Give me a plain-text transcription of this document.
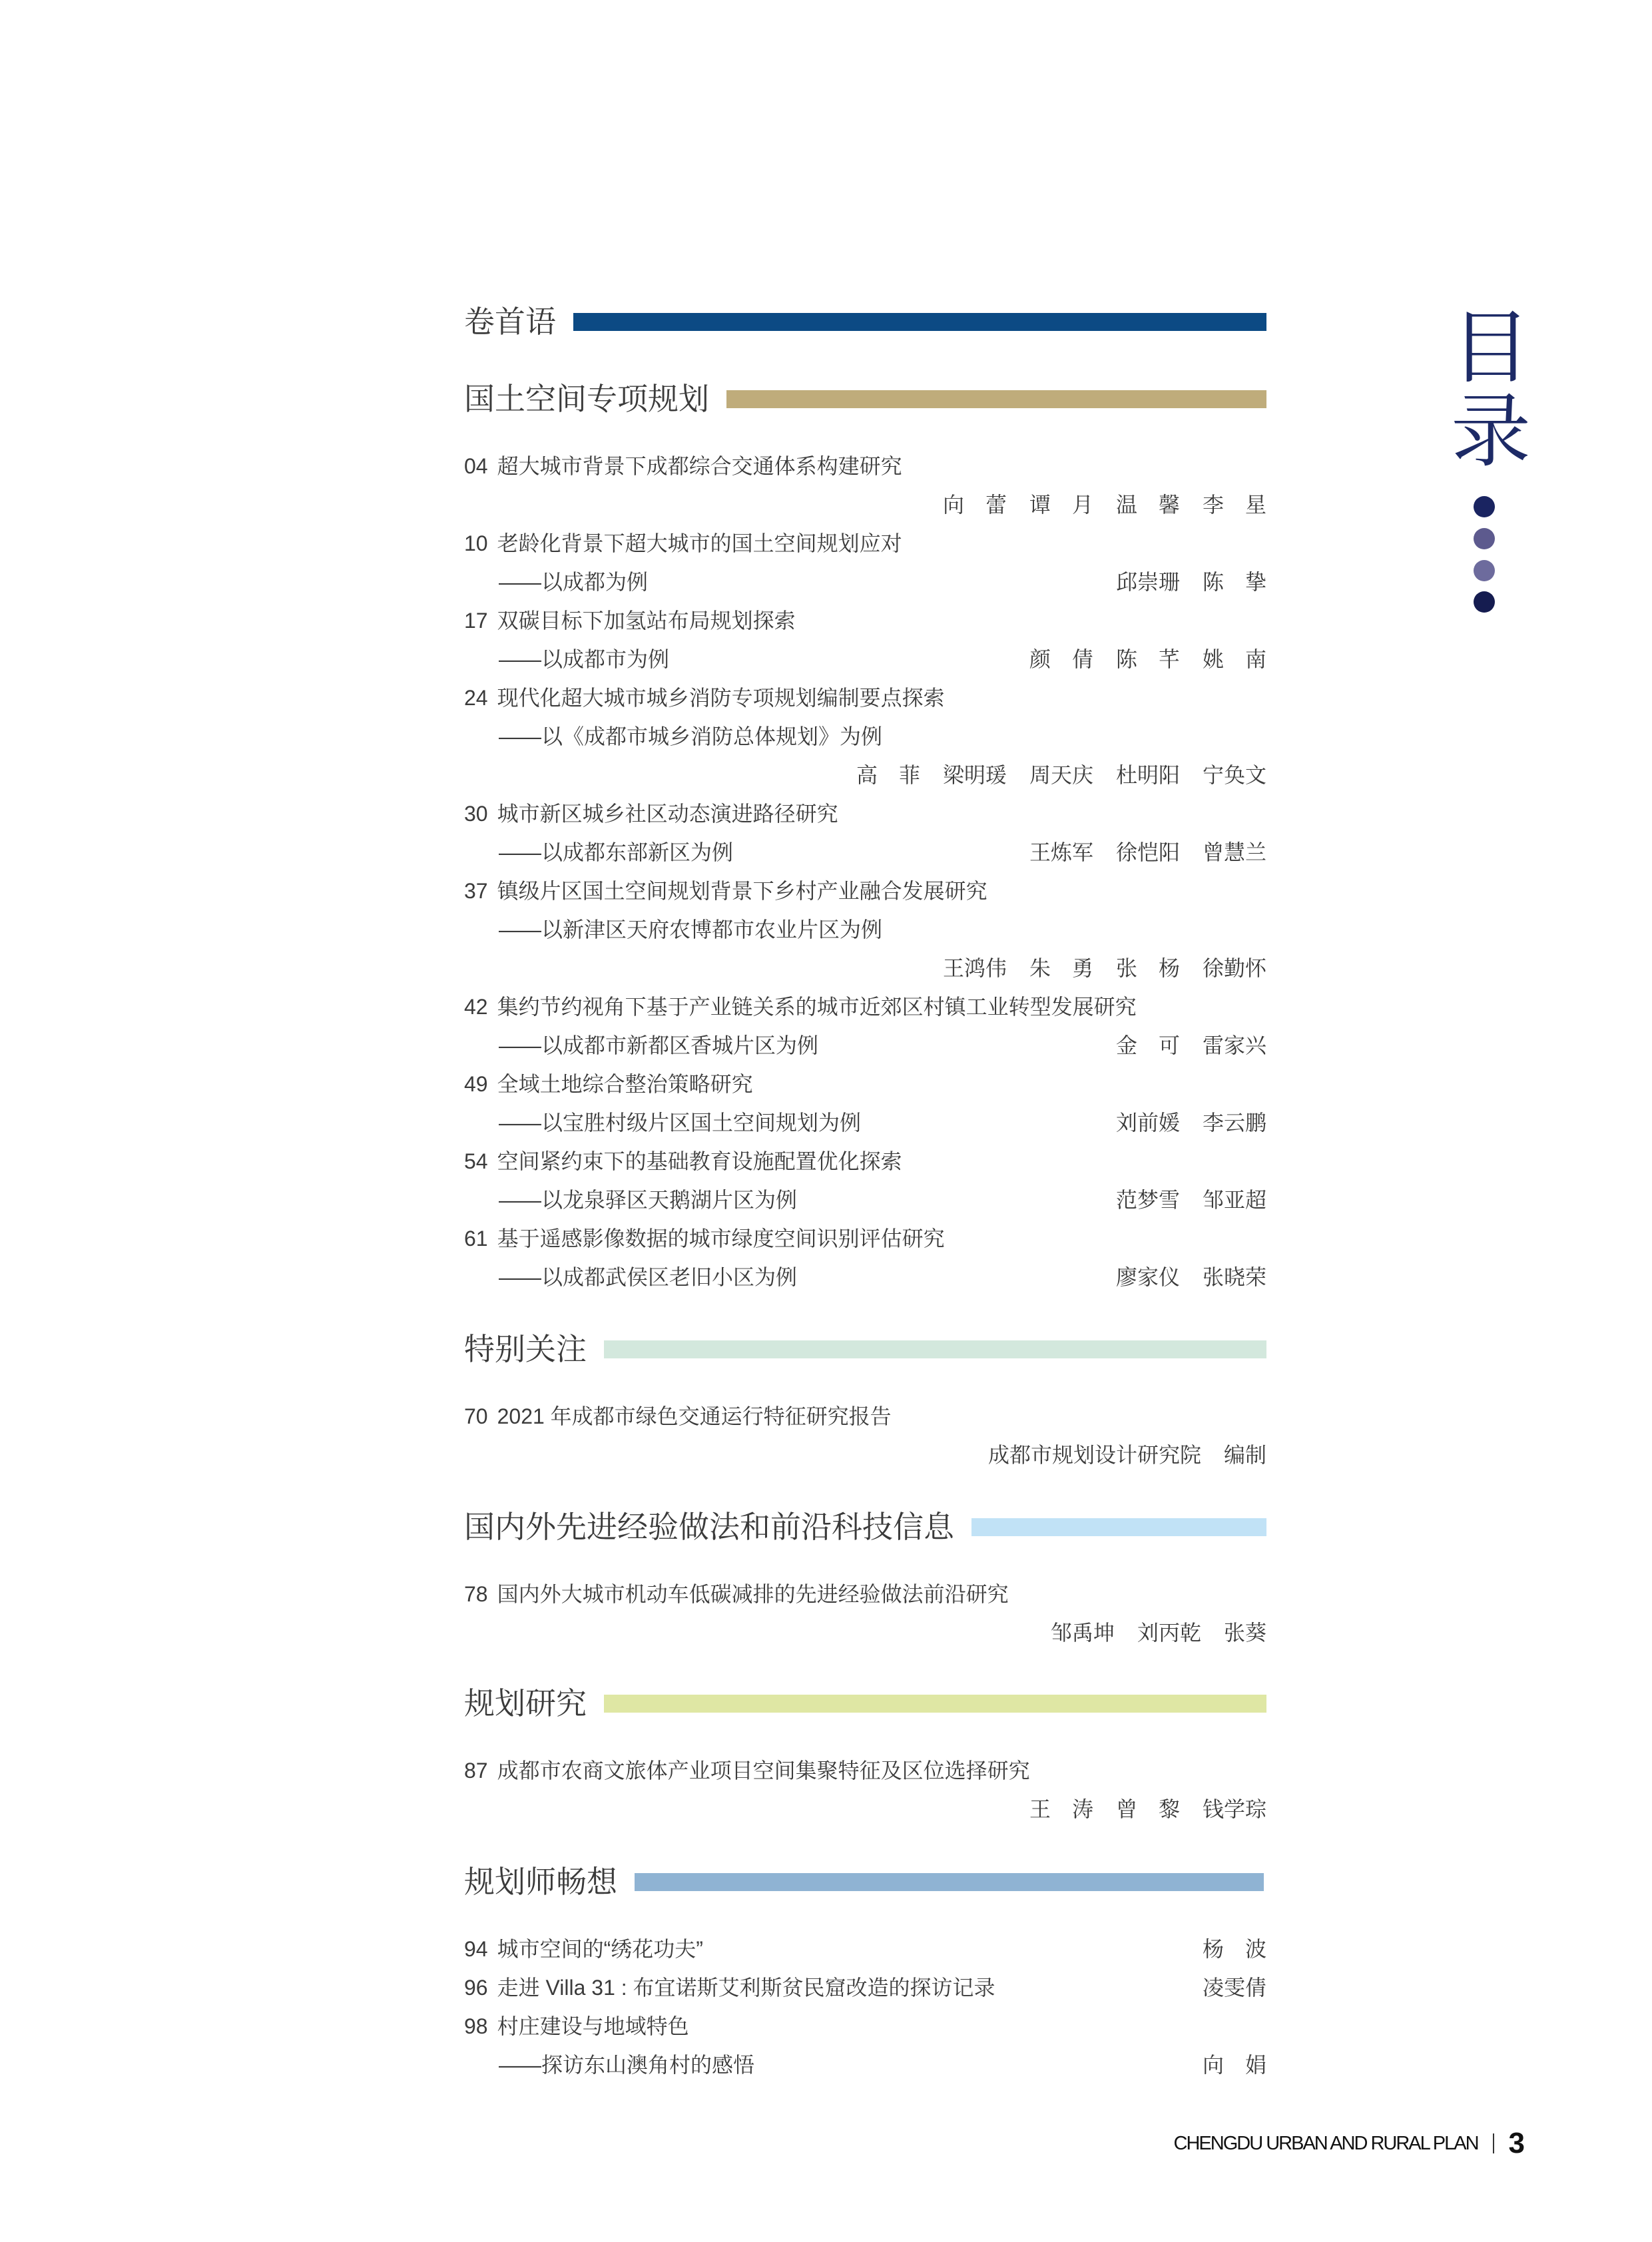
目录
卷首语
国土空间专项规划
04 超大城市背景下成都综合交通体系构建研究
向 蕾 谭 月 温 馨 李 星
10 老龄化背景下超大城市的国土空间规划应对
——以成都为例	邱崇珊 陈 挚
17 双碳目标下加氢站布局规划探索
——以成都市为例	颜 倩 陈 芊 姚 南
24 现代化超大城市城乡消防专项规划编制要点探索
——以《成都市城乡消防总体规划》为例
高 菲 梁明瑗 周天庆 杜明阳 宁奂文
30 城市新区城乡社区动态演进路径研究
——以成都东部新区为例	王炼军 徐恺阳 曾慧兰
37 镇级片区国土空间规划背景下乡村产业融合发展研究
——以新津区天府农博都市农业片区为例
王鸿伟 朱 勇 张 杨 徐勤怀
42 集约节约视角下基于产业链关系的城市近郊区村镇工业转型发展研究
——以成都市新都区香城片区为例	金 可 雷家兴
49 全域土地综合整治策略研究
——以宝胜村级片区国土空间规划为例	刘前媛 李云鹏
54 空间紧约束下的基础教育设施配置优化探索
——以龙泉驿区天鹅湖片区为例	范梦雪 邹亚超
61 基于遥感影像数据的城市绿度空间识别评估研究
——以成都武侯区老旧小区为例	廖家仪 张晓荣
特别关注
70 2021 年成都市绿色交通运行特征研究报告
成都市规划设计研究院 编制
国内外先进经验做法和前沿科技信息
78 国内外大城市机动车低碳减排的先进经验做法前沿研究
邹禹坤 刘丙乾 张葵
规划研究
87 成都市农商文旅体产业项目空间集聚特征及区位选择研究
王 涛 曾 黎 钱学琮
规划师畅想
94 城市空间的“绣花功夫”	杨 波
96 走进 Villa 31 : 布宜诺斯艾利斯贫民窟改造的探访记录	凌雯倩
98 村庄建设与地域特色
——探访东山澳角村的感悟	向 娟
CHENGDU URBAN AND RURAL PLAN 3
